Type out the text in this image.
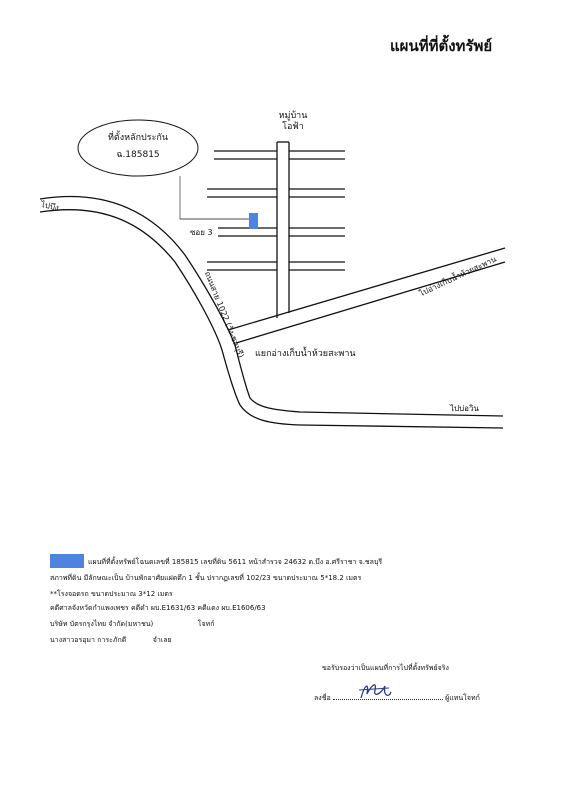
แผนที่ที่ตั้งทรัพย์
หมู่บ้าน
โอฟ้า
ที่ตั้งหลักประกัน
ฉ.185815
ซอย 3
ไปบึง
ถนนสาย 1022 (วัง-ชลบุรี)	ไปอ่างเก็บน้ำห้วยสะพาน
แยกอ่างเก็บน้ำห้วยสะพาน
ไปบ่อวิน
แผนที่ที่ตั้งทรัพย์โฉนดเลขที่ 185815 เลขที่ดิน 5611 หน้าสำรวจ 24632 ต.บึง อ.ศรีราชา จ.ชลบุรี
สภาพที่ดิน มีลักษณะเป็น บ้านพักอาศัยแฝดตึก 1 ชั้น ปรากฏเลขที่ 102/23 ขนาดประมาณ 5*18.2 เมตร
**โรงจอดรถ ขนาดประมาณ 3*12 เมตร
คดีศาลจังหวัดกำแพงเพชร คดีดำ ผบ.E1631/63 คดีแดง ผบ.E1606/63
บริษัท บัตรกรุงไทย จำกัด(มหาชน)	โจทก์
นางสาวอรอุมา การะภักดี	จำเลย
ขอรับรองว่าเป็นแผนที่การไปที่ตั้งทรัพย์จริง
ลงชื่อ	ผู้แทนโจทก์
